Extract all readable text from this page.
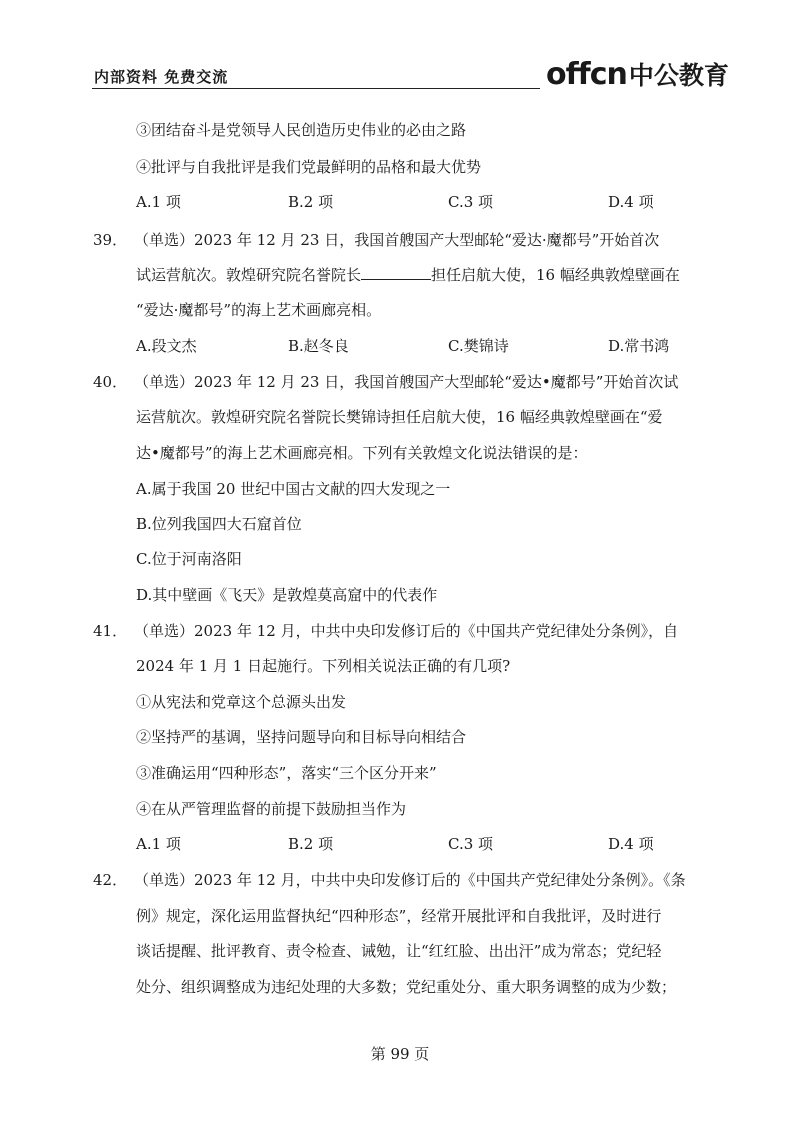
内部资料 免费交流	offcn 中公教育
③团结奋斗是党领导人民创造历史伟业的必由之路
④批评与自我批评是我们党最鲜明的品格和最大优势
A.1 项	B.2 项	C.3 项	D.4 项
39． （单选）2023 年 12 月 23 日，我国首艘国产大型邮轮“爱达·魔都号”开始首次
试运营航次。敦煌研究院名誉院长	担任启航大使，16 幅经典敦煌壁画在
“爱达·魔都号”的海上艺术画廊亮相。
A.段文杰	B.赵冬良	C.樊锦诗	D.常书鸿
40． （单选）2023 年 12 月 23 日，我国首艘国产大型邮轮“爱达•魔都号”开始首次试
运营航次。敦煌研究院名誉院长樊锦诗担任启航大使，16 幅经典敦煌壁画在“爱
达•魔都号”的海上艺术画廊亮相。下列有关敦煌文化说法错误的是：
A.属于我国 20 世纪中国古文献的四大发现之一
B.位列我国四大石窟首位
C.位于河南洛阳
D.其中壁画《飞天》是敦煌莫高窟中的代表作
41． （单选）2023 年 12 月，中共中央印发修订后的《中国共产党纪律处分条例》，自
2024 年 1 月 1 日起施行。下列相关说法正确的有几项?
①从宪法和党章这个总源头出发
②坚持严的基调，坚持问题导向和目标导向相结合
③准确运用“四种形态”，落实“三个区分开来”
④在从严管理监督的前提下鼓励担当作为
A.1 项	B.2 项	C.3 项	D.4 项
42． （单选）2023 年 12 月，中共中央印发修订后的《中国共产党纪律处分条例》。《条
例》规定，深化运用监督执纪“四种形态”，经常开展批评和自我批评，及时进行
谈话提醒、批评教育、责令检查、诫勉，让“红红脸、出出汗”成为常态；党纪轻
处分、组织调整成为违纪处理的大多数；党纪重处分、重大职务调整的成为少数；
第 99 页
